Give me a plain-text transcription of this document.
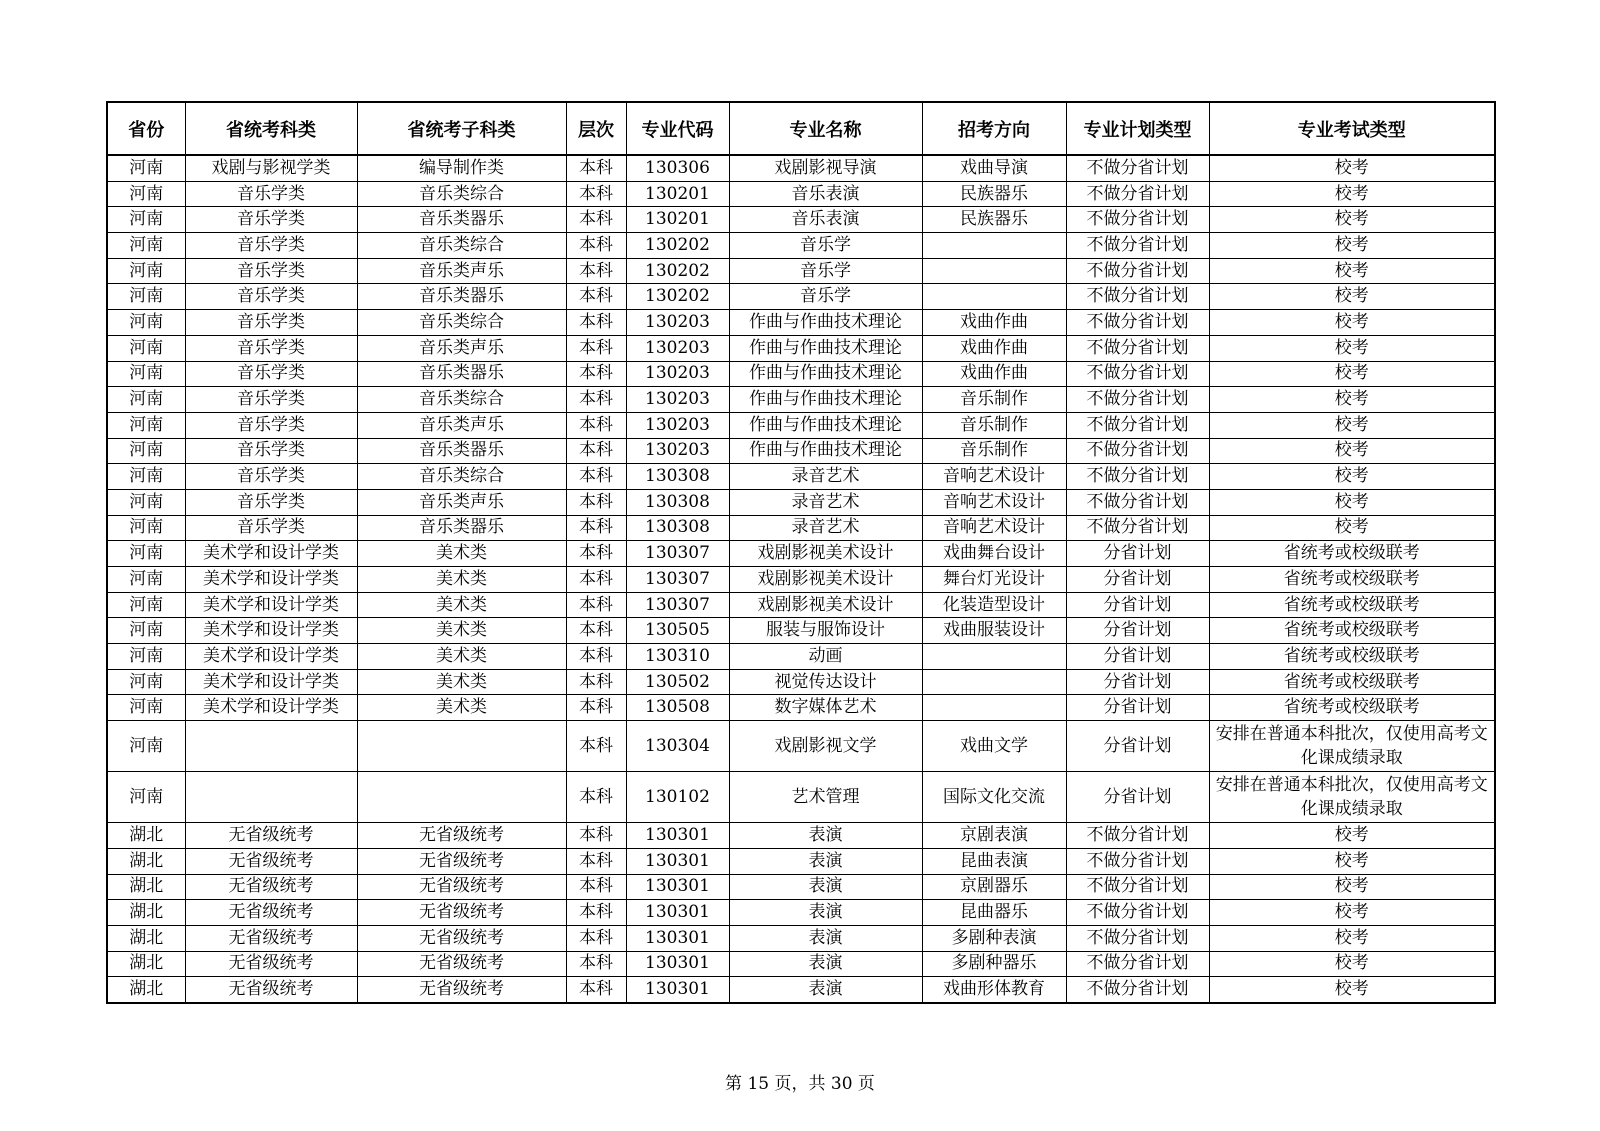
省份	省统考科类	省统考子科类	层次	专业代码	专业名称	招考方向	专业计划类型	专业考试类型
河南	戏剧与影视学类	编导制作类	本科	130306	戏剧影视导演	戏曲导演	不做分省计划	校考
河南	音乐学类	音乐类综合	本科	130201	音乐表演	民族器乐	不做分省计划	校考
河南	音乐学类	音乐类器乐	本科	130201	音乐表演	民族器乐	不做分省计划	校考
河南	音乐学类	音乐类综合	本科	130202	音乐学		不做分省计划	校考
河南	音乐学类	音乐类声乐	本科	130202	音乐学		不做分省计划	校考
河南	音乐学类	音乐类器乐	本科	130202	音乐学		不做分省计划	校考
河南	音乐学类	音乐类综合	本科	130203	作曲与作曲技术理论	戏曲作曲	不做分省计划	校考
河南	音乐学类	音乐类声乐	本科	130203	作曲与作曲技术理论	戏曲作曲	不做分省计划	校考
河南	音乐学类	音乐类器乐	本科	130203	作曲与作曲技术理论	戏曲作曲	不做分省计划	校考
河南	音乐学类	音乐类综合	本科	130203	作曲与作曲技术理论	音乐制作	不做分省计划	校考
河南	音乐学类	音乐类声乐	本科	130203	作曲与作曲技术理论	音乐制作	不做分省计划	校考
河南	音乐学类	音乐类器乐	本科	130203	作曲与作曲技术理论	音乐制作	不做分省计划	校考
河南	音乐学类	音乐类综合	本科	130308	录音艺术	音响艺术设计	不做分省计划	校考
河南	音乐学类	音乐类声乐	本科	130308	录音艺术	音响艺术设计	不做分省计划	校考
河南	音乐学类	音乐类器乐	本科	130308	录音艺术	音响艺术设计	不做分省计划	校考
河南	美术学和设计学类	美术类	本科	130307	戏剧影视美术设计	戏曲舞台设计	分省计划	省统考或校级联考
河南	美术学和设计学类	美术类	本科	130307	戏剧影视美术设计	舞台灯光设计	分省计划	省统考或校级联考
河南	美术学和设计学类	美术类	本科	130307	戏剧影视美术设计	化装造型设计	分省计划	省统考或校级联考
河南	美术学和设计学类	美术类	本科	130505	服装与服饰设计	戏曲服装设计	分省计划	省统考或校级联考
河南	美术学和设计学类	美术类	本科	130310	动画		分省计划	省统考或校级联考
河南	美术学和设计学类	美术类	本科	130502	视觉传达设计		分省计划	省统考或校级联考
河南	美术学和设计学类	美术类	本科	130508	数字媒体艺术		分省计划	省统考或校级联考
河南			本科	130304	戏剧影视文学	戏曲文学	分省计划	安排在普通本科批次，仅使用高考文化课成绩录取
河南			本科	130102	艺术管理	国际文化交流	分省计划	安排在普通本科批次，仅使用高考文化课成绩录取
湖北	无省级统考	无省级统考	本科	130301	表演	京剧表演	不做分省计划	校考
湖北	无省级统考	无省级统考	本科	130301	表演	昆曲表演	不做分省计划	校考
湖北	无省级统考	无省级统考	本科	130301	表演	京剧器乐	不做分省计划	校考
湖北	无省级统考	无省级统考	本科	130301	表演	昆曲器乐	不做分省计划	校考
湖北	无省级统考	无省级统考	本科	130301	表演	多剧种表演	不做分省计划	校考
湖北	无省级统考	无省级统考	本科	130301	表演	多剧种器乐	不做分省计划	校考
湖北	无省级统考	无省级统考	本科	130301	表演	戏曲形体教育	不做分省计划	校考
第 15 页，共 30 页
